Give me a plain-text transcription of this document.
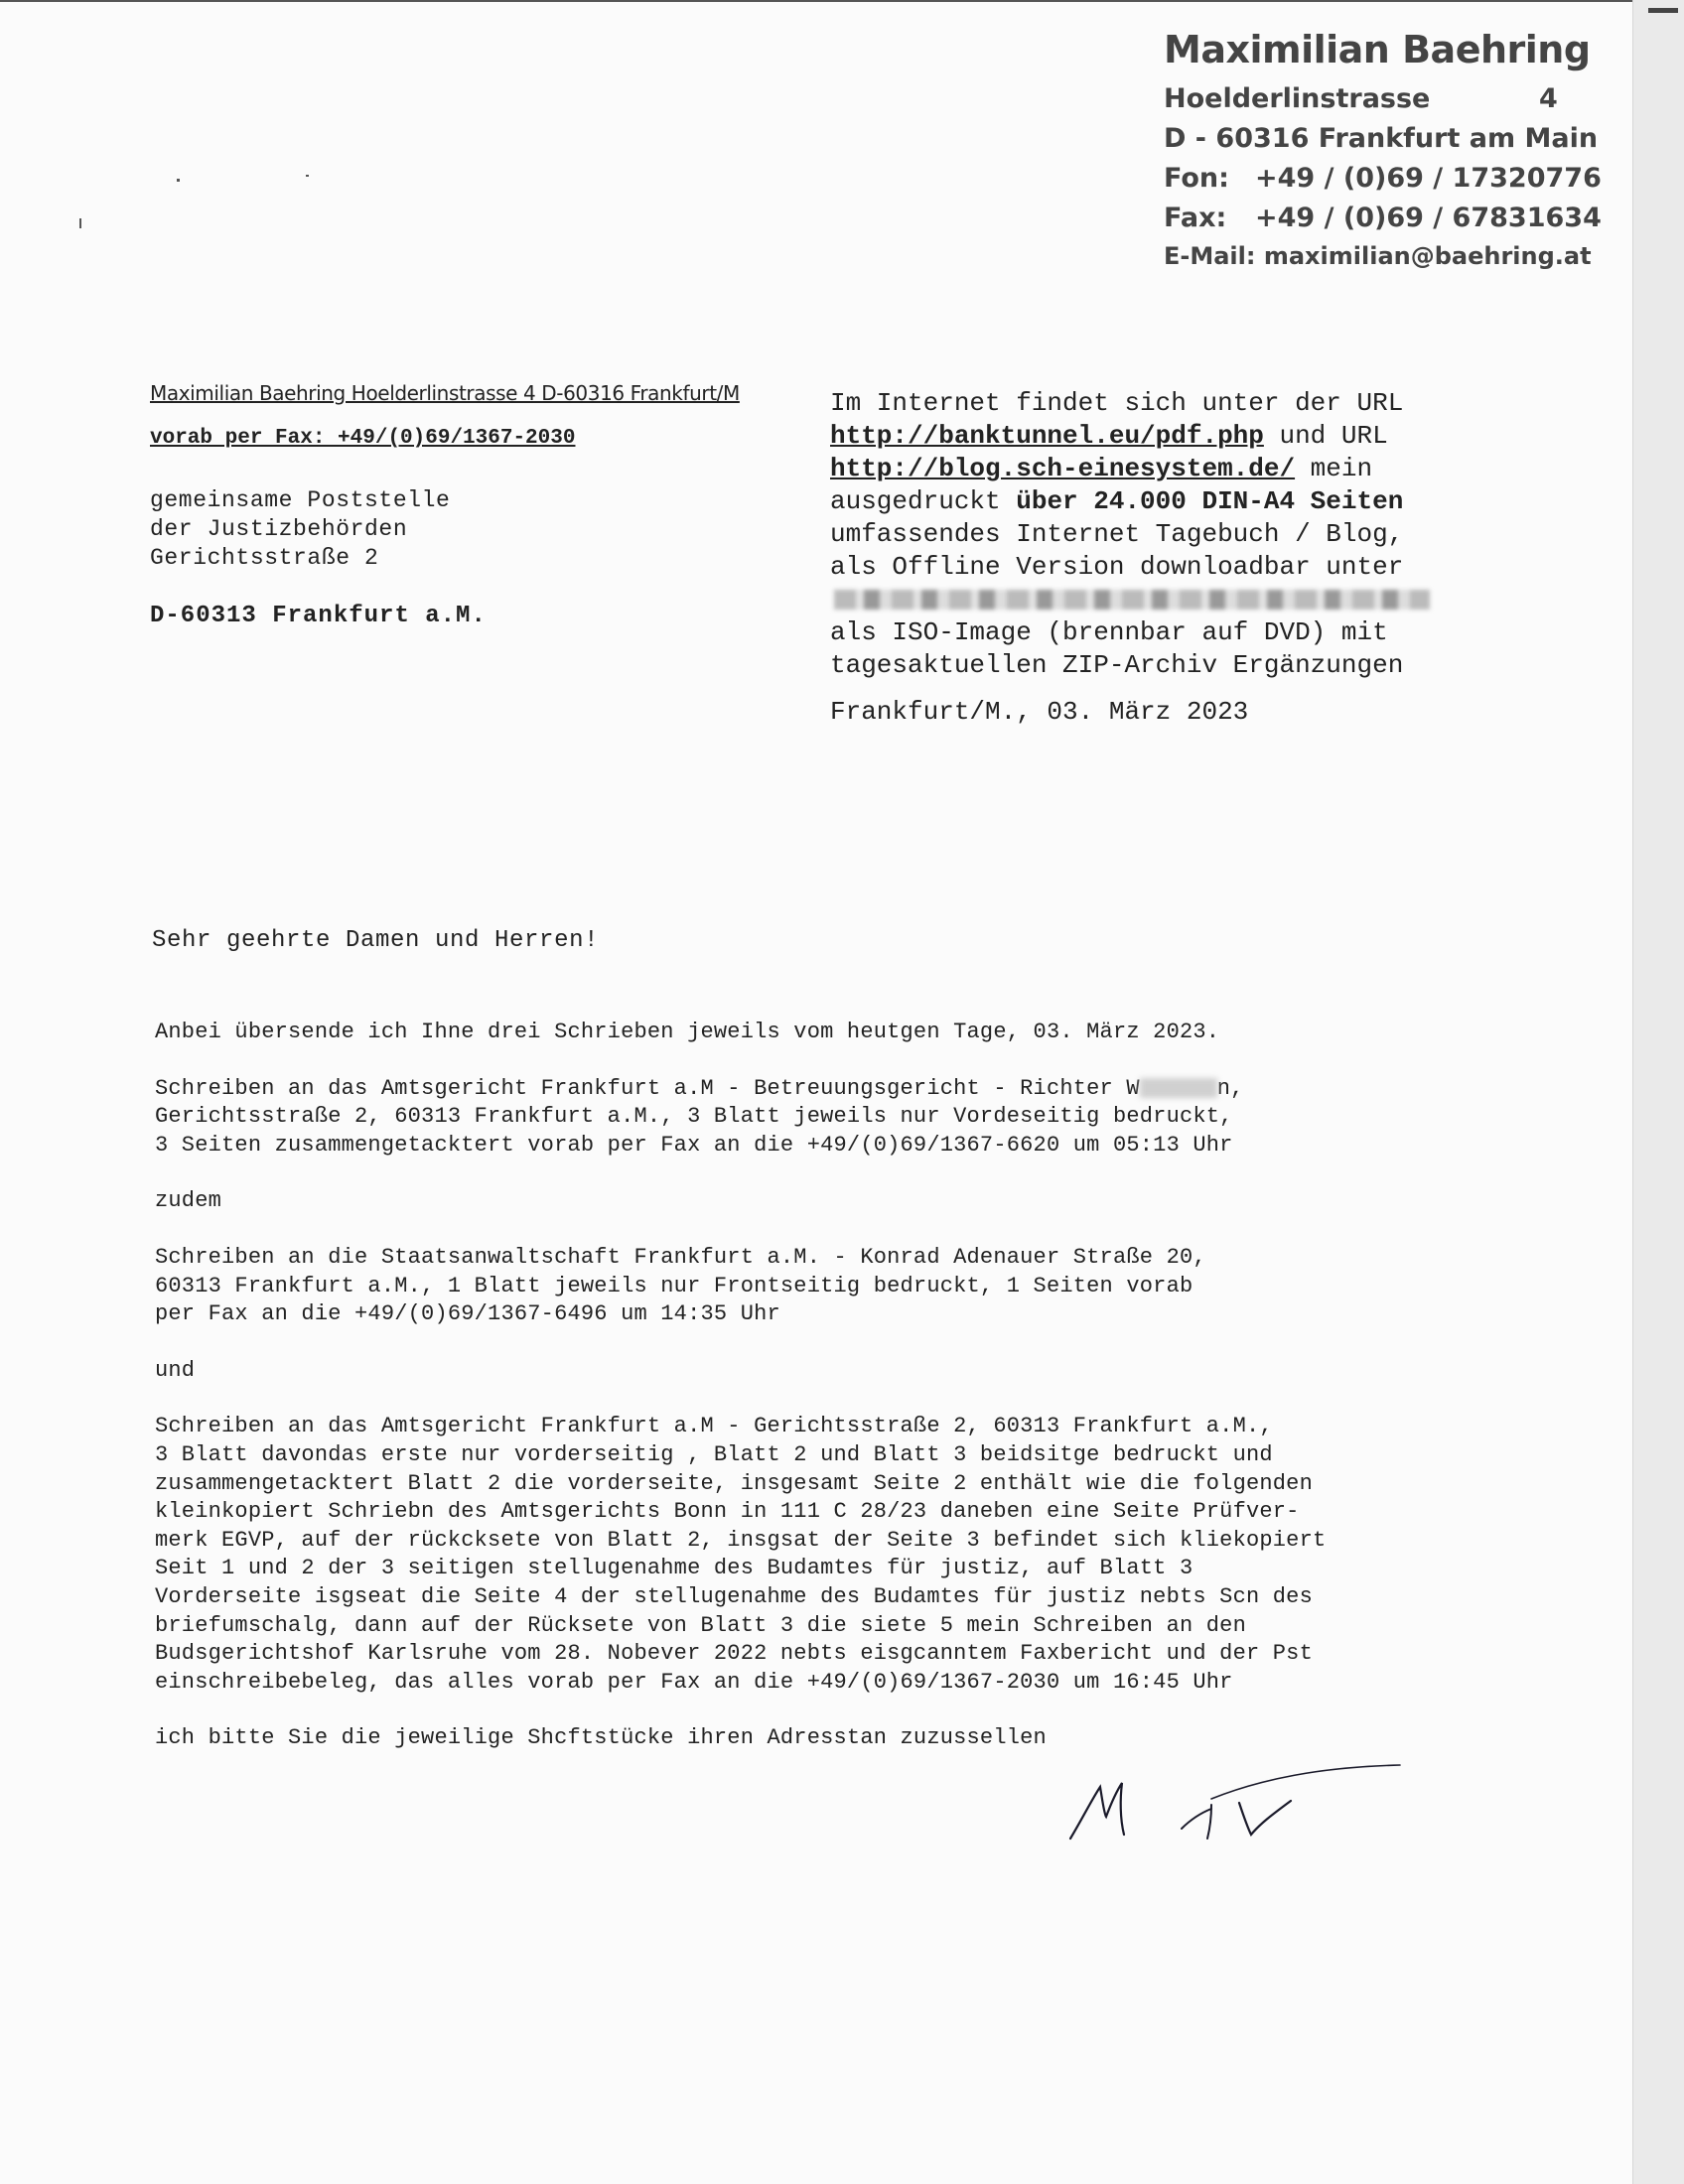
Maximilian Baehring
Hoelderlinstrasse	4
D - 60316 Frankfurt am Main
Fon: +49 / (0)69 / 17320776
Fax: +49 / (0)69 / 67831634
E-Mail: maximilian@baehring.at
Maximilian Baehring Hoelderlinstrasse 4 D-60316 Frankfurt/M
vorab per Fax: +49/(0)69/1367-2030
gemeinsame Poststelle
der Justizbehörden
Gerichtsstraße 2
D-60313 Frankfurt a.M.
Im Internet findet sich unter der URL
http://banktunnel.eu/pdf.php und URL
http://blog.sch-einesystem.de/ mein
ausgedruckt über 24.000 DIN-A4 Seiten
umfassendes Internet Tagebuch / Blog,
als Offline Version downloadbar unter
als ISO-Image (brennbar auf DVD) mit
tagesaktuellen ZIP-Archiv Ergänzungen
Frankfurt/M., 03. März 2023
Sehr geehrte Damen und Herren!
Anbei übersende ich Ihne drei Schrieben jeweils vom heutgen Tage, 03. März 2023.
Schreiben an das Amtsgericht Frankfurt a.M - Betreuungsgericht - Richter W	n,
Gerichtsstraße 2, 60313 Frankfurt a.M., 3 Blatt jeweils nur Vordeseitig bedruckt,
3 Seiten zusammengetacktert vorab per Fax an die +49/(0)69/1367-6620 um 05:13 Uhr
zudem
Schreiben an die Staatsanwaltschaft Frankfurt a.M. - Konrad Adenauer Straße 20,
60313 Frankfurt a.M., 1 Blatt jeweils nur Frontseitig bedruckt, 1 Seiten vorab
per Fax an die +49/(0)69/1367-6496 um 14:35 Uhr
und
Schreiben an das Amtsgericht Frankfurt a.M - Gerichtsstraße 2, 60313 Frankfurt a.M.,
3 Blatt davondas erste nur vorderseitig , Blatt 2 und Blatt 3 beidsitge bedruckt und
zusammengetacktert Blatt 2 die vorderseite, insgesamt Seite 2 enthält wie die folgenden
kleinkopiert Schriebn des Amtsgerichts Bonn in 111 C 28/23 daneben eine Seite Prüfver-
merk EGVP, auf der rückcksete von Blatt 2, insgsat der Seite 3 befindet sich kliekopiert
Seit 1 und 2 der 3 seitigen stellugenahme des Budamtes für justiz, auf Blatt 3
Vorderseite isgseat die Seite 4 der stellugenahme des Budamtes für justiz nebts Scn des
briefumschalg, dann auf der Rücksete von Blatt 3 die siete 5 mein Schreiben an den
Budsgerichtshof Karlsruhe vom 28. Nobever 2022 nebts eisgcanntem Faxbericht und der Pst
einschreibebeleg, das alles vorab per Fax an die +49/(0)69/1367-2030 um 16:45 Uhr
ich bitte Sie die jeweilige Shcftstücke ihren Adresstan zuzussellen
